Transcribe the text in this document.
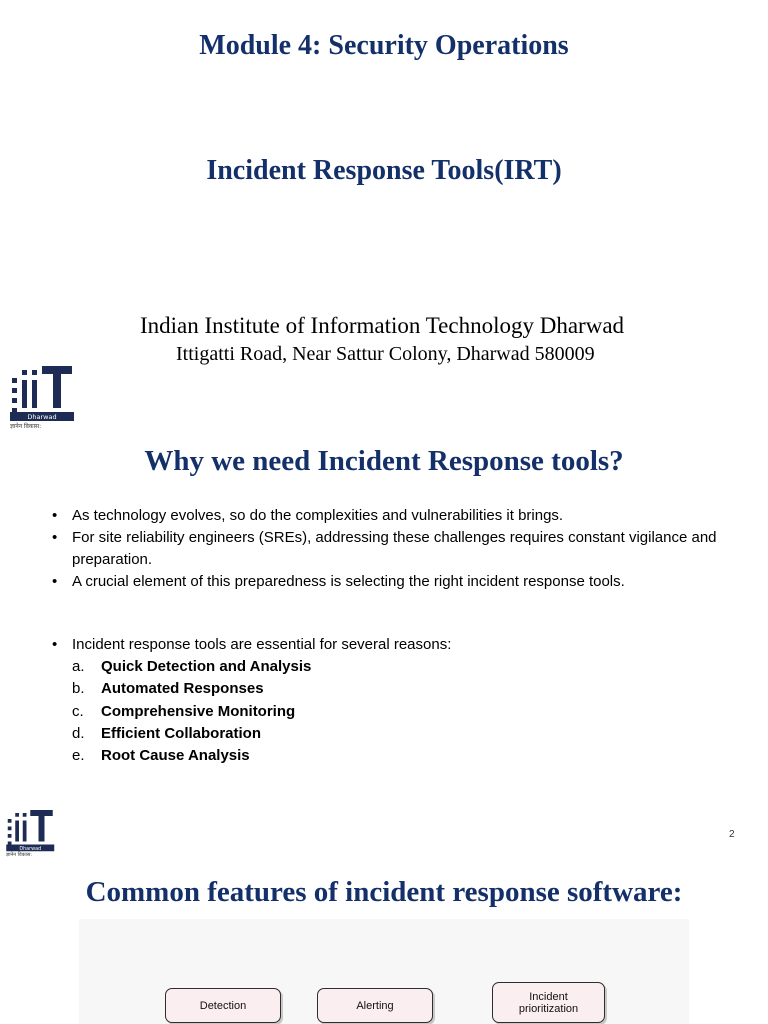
Module 4: Security Operations
Incident Response Tools(IRT)
Indian Institute of Information Technology Dharwad
Ittigatti Road, Near Sattur Colony, Dharwad 580009
Dharwad
ज्ञानेन विकास:
Why we need Incident Response tools?
• As technology evolves, so do the complexities and vulnerabilities it brings.
• For site reliability engineers (SREs), addressing these challenges requires constant vigilance and preparation.
• A crucial element of this preparedness is selecting the right incident response tools.
• Incident response tools are essential for several reasons:
a. Quick Detection and Analysis
b. Automated Responses
c. Comprehensive Monitoring
d. Efficient Collaboration
e. Root Cause Analysis
Dharwad
ज्ञानेन विकास:
2
Common features of incident response software:
Detection	Alerting
Incident prioritization
